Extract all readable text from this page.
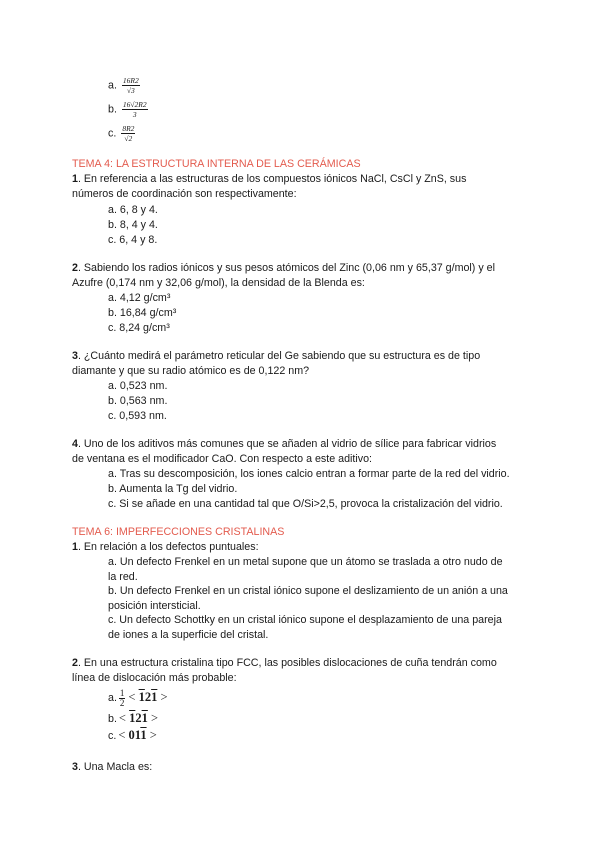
a. $\frac{16R2}{√3}$
b. $\frac{16√2R2}{3}$
c. $\frac{8R2}{√2}$
TEMA 4: LA ESTRUCTURA INTERNA DE LAS CERÁMICAS
1. En referencia a las estructuras de los compuestos iónicos NaCl, CsCl y ZnS, sus
números de coordinación son respectivamente:
a. 6, 8 y 4.
b. 8, 4 y 4.
c. 6, 4 y 8.
2. Sabiendo los radios iónicos y sus pesos atómicos del Zinc (0,06 nm y 65,37 g/mol) y el
Azufre (0,174 nm y 32,06 g/mol), la densidad de la Blenda es:
a. 4,12 g/cm³
b. 16,84 g/cm³
c. 8,24 g/cm³
3. ¿Cuánto medirá el parámetro reticular del Ge sabiendo que su estructura es de tipo
diamante y que su radio atómico es de 0,122 nm?
a. 0,523 nm.
b. 0,563 nm.
c. 0,593 nm.
4. Uno de los aditivos más comunes que se añaden al vidrio de sílice para fabricar vidrios
de ventana es el modificador CaO. Con respecto a este aditivo:
a. Tras su descomposición, los iones calcio entran a formar parte de la red del vidrio.
b. Aumenta la Tg del vidrio.
c. Si se añade en una cantidad tal que O/Si>2,5, provoca la cristalización del vidrio.
TEMA 6: IMPERFECCIONES CRISTALINAS
1. En relación a los defectos puntuales:
a. Un defecto Frenkel en un metal supone que un átomo se traslada a otro nudo de
la red.
b. Un defecto Frenkel en un cristal iónico supone el deslizamiento de un anión a una
posición intersticial.
c. Un defecto Schottky en un cristal iónico supone el desplazamiento de una pareja
de iones a la superficie del cristal.
2. En una estructura cristalina tipo FCC, las posibles dislocaciones de cuña tendrán como
línea de dislocación más probable:
a. $\frac{1}{2} < 121$ >
b. < 121 >
c. < 011 >
3. Una Macla es:
